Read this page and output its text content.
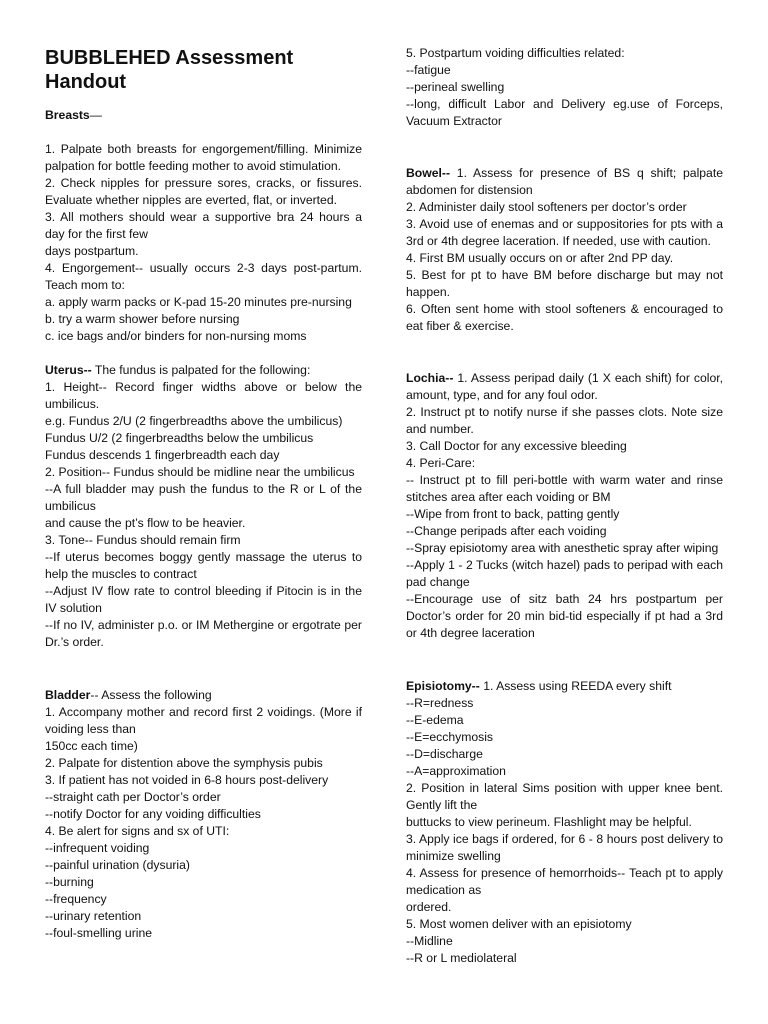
BUBBLEHED Assessment
Handout

Breasts—

1. Palpate both breasts for engorgement/filling. Minimize palpation for bottle feeding mother to avoid stimulation.

2. Check nipples for pressure sores, cracks, or fissures. Evaluate whether nipples are everted, flat, or inverted.

3. All mothers should wear a supportive bra 24 hours a day for the first few

days postpartum.

4. Engorgement-- usually occurs 2-3 days post-partum. Teach mom to:

a. apply warm packs or K-pad 15-20 minutes pre-nursing

b. try a warm shower before nursing

c. ice bags and/or binders for non-nursing moms

Uterus-- The fundus is palpated for the following:

1. Height-- Record finger widths above or below the umbilicus.

e.g. Fundus 2/U (2 fingerbreadths above the umbilicus)

Fundus U/2 (2 fingerbreadths below the umbilicus

Fundus descends 1 fingerbreadth each day

2. Position-- Fundus should be midline near the umbilicus

--A full bladder may push the fundus to the R or L of the umbilicus

and cause the pt’s flow to be heavier.

3. Tone-- Fundus should remain firm

--If uterus becomes boggy gently massage the uterus to help the muscles to contract

--Adjust IV flow rate to control bleeding if Pitocin is in the IV solution

--If no IV, administer p.o. or IM Methergine or ergotrate per Dr.’s order.

Bladder-- Assess the following

1. Accompany mother and record first 2 voidings. (More if voiding less than

150cc each time)

2. Palpate for distention above the symphysis pubis

3. If patient has not voided in 6-8 hours post-delivery

--straight cath per Doctor’s order

--notify Doctor for any voiding difficulties

4. Be alert for signs and sx of UTI:

--infrequent voiding

--painful urination (dysuria)

--burning

--frequency

--urinary retention

--foul-smelling urine

5. Postpartum voiding difficulties related:

--fatigue

--perineal swelling

--long, difficult Labor and Delivery eg.use of Forceps, Vacuum Extractor

Bowel-- 1. Assess for presence of BS q shift; palpate abdomen for distension

2. Administer daily stool softeners per doctor’s order

3. Avoid use of enemas and or suppositories for pts with a 3rd or 4th degree laceration. If needed, use with caution.

4. First BM usually occurs on or after 2nd PP day.

5. Best for pt to have BM before discharge but may not happen.

6. Often sent home with stool softeners & encouraged to eat fiber & exercise.

Lochia-- 1. Assess peripad daily (1 X each shift) for color, amount, type, and for any foul odor.

2. Instruct pt to notify nurse if she passes clots. Note size and number.

3. Call Doctor for any excessive bleeding

4. Peri-Care:

-- Instruct pt to fill peri-bottle with warm water and rinse stitches area after each voiding or BM

--Wipe from front to back, patting gently

--Change peripads after each voiding

--Spray episiotomy area with anesthetic spray after wiping

--Apply 1 - 2 Tucks (witch hazel) pads to peripad with each pad change

--Encourage use of sitz bath 24 hrs postpartum per Doctor’s order for 20 min bid-tid especially if pt had a 3rd or 4th degree laceration

Episiotomy-- 1. Assess using REEDA every shift

--R=redness

--E-edema

--E=ecchymosis

--D=discharge

--A=approximation

2. Position in lateral Sims position with upper knee bent. Gently lift the

buttucks to view perineum. Flashlight may be helpful.

3. Apply ice bags if ordered, for 6 - 8 hours post delivery to minimize swelling

4. Assess for presence of hemorrhoids-- Teach pt to apply medication as

ordered.

5. Most women deliver with an episiotomy

--Midline

--R or L mediolateral
